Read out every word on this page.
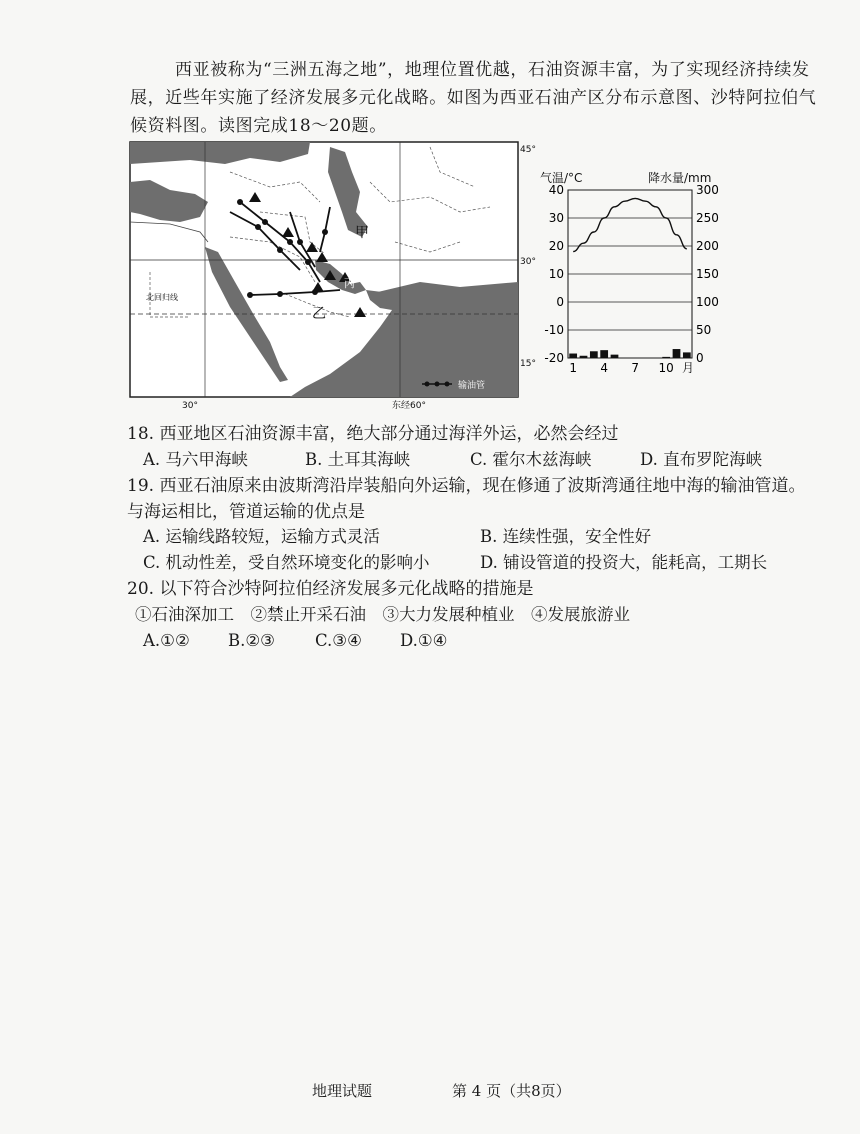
西亚被称为“三洲五海之地”，地理位置优越，石油资源丰富，为了实现经济持续发
展，近些年实施了经济发展多元化战略。如图为西亚石油产区分布示意图、沙特阿拉伯气
候资料图。读图完成18～20题。
甲
乙
丙
北回归线
45°
30°
15°
30°	东经60°
输油管
气温/°C	降水量/mm
40
30
20
10
0
-10
-20
300
250
200
150
100
50
0
1 4 7 10 月
18. 西亚地区石油资源丰富，绝大部分通过海洋外运，必然会经过
A. 马六甲海峡	B. 土耳其海峡	C. 霍尔木兹海峡	D. 直布罗陀海峡
19. 西亚石油原来由波斯湾沿岸装船向外运输，现在修通了波斯湾通往地中海的输油管道。
与海运相比，管道运输的优点是
A. 运输线路较短，运输方式灵活	B. 连续性强，安全性好
C. 机动性差，受自然环境变化的影响小	D. 铺设管道的投资大，能耗高，工期长
20. 以下符合沙特阿拉伯经济发展多元化战略的措施是
①石油深加工　②禁止开采石油　③大力发展种植业　④发展旅游业
A.①② B.②③ C.③④ D.①④
地理试题	第 4 页（共8页）
